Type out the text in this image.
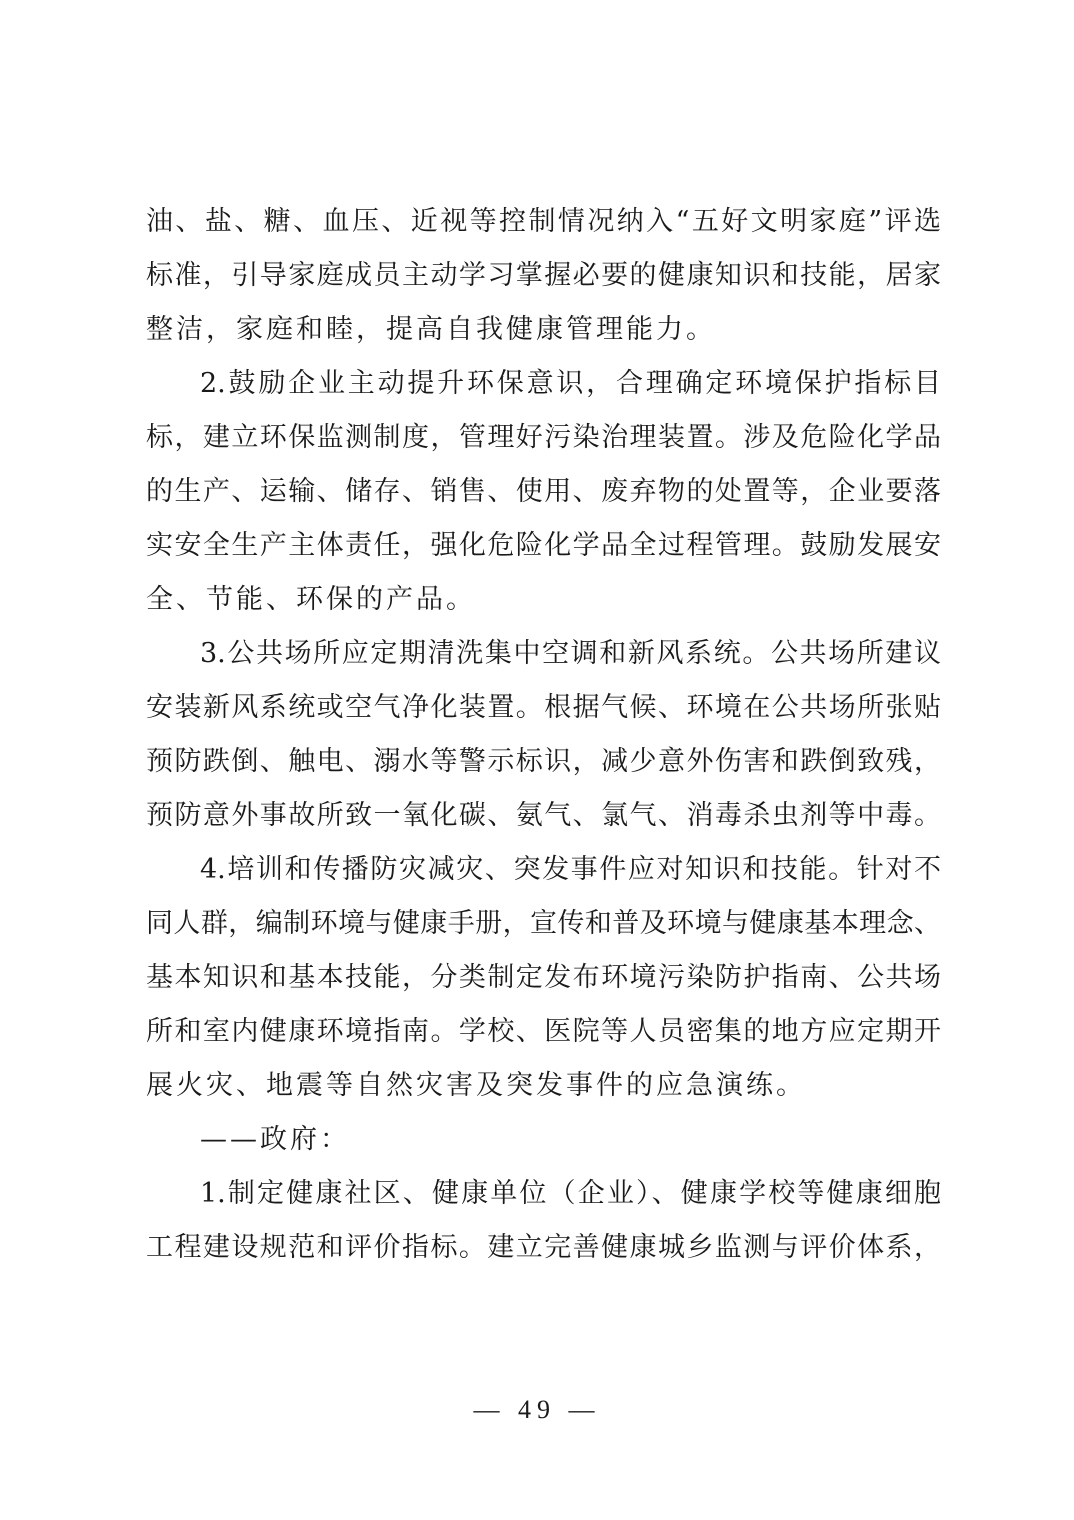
油、盐、糖、血压、近视等控制情况纳入“五好文明家庭”评选
标准，引导家庭成员主动学习掌握必要的健康知识和技能，居家
整洁，家庭和睦，提高自我健康管理能力。
2.鼓励企业主动提升环保意识，合理确定环境保护指标目
标，建立环保监测制度，管理好污染治理装置。涉及危险化学品
的生产、运输、储存、销售、使用、废弃物的处置等，企业要落
实安全生产主体责任，强化危险化学品全过程管理。鼓励发展安
全、节能、环保的产品。
3.公共场所应定期清洗集中空调和新风系统。公共场所建议
安装新风系统或空气净化装置。根据气候、环境在公共场所张贴
预防跌倒、触电、溺水等警示标识，减少意外伤害和跌倒致残，
预防意外事故所致一氧化碳、氨气、氯气、消毒杀虫剂等中毒。
4.培训和传播防灾减灾、突发事件应对知识和技能。针对不
同人群，编制环境与健康手册，宣传和普及环境与健康基本理念、
基本知识和基本技能，分类制定发布环境污染防护指南、公共场
所和室内健康环境指南。学校、医院等人员密集的地方应定期开
展火灾、地震等自然灾害及突发事件的应急演练。
——政府：
1.制定健康社区、健康单位（企业）、健康学校等健康细胞
工程建设规范和评价指标。建立完善健康城乡监测与评价体系，
— 49 —
